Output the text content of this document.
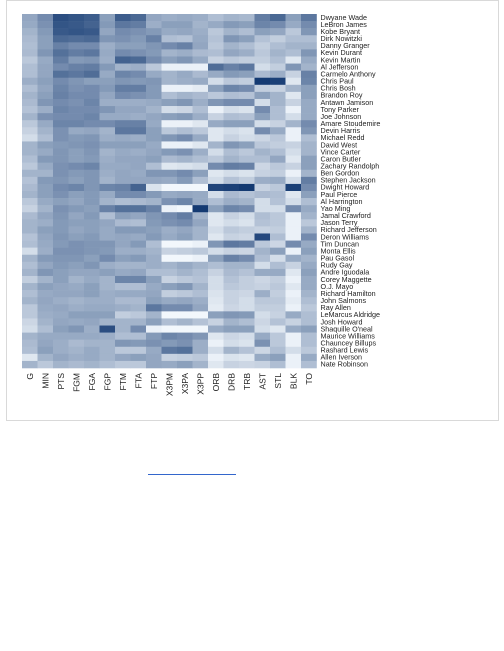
Dwyane Wade
LeBron James
Kobe Bryant
Dirk Nowitzki
Danny Granger
Kevin Durant
Kevin Martin
Al Jefferson
Carmelo Anthony
Chris Paul
Chris Bosh
Brandon Roy
Antawn Jamison
Tony Parker
Joe Johnson
Amare Stoudemire
Devin Harris
Michael Redd
David West
Vince Carter
Caron Butler
Zachary Randolph
Ben Gordon
Stephen Jackson
Dwight Howard
Paul Pierce
Al Harrington
Yao Ming
Jamal Crawford
Jason Terry
Richard Jefferson
Deron Williams
Tim Duncan
Monta Ellis
Pau Gasol
Rudy Gay
Andre Iguodala
Corey Maggette
O.J. Mayo
Richard Hamilton
John Salmons
Ray Allen
LeMarcus Aldridge
Josh Howard
Shaquille O'neal
Maurice Williams
Chauncey Billups
Rashard Lewis
Allen Iverson
Nate Robinson
G MIN PTS FGM FGA FGP FTM FTA FTP X3PM X3PA X3PP ORB DRB TRB AST STL BLK TO
